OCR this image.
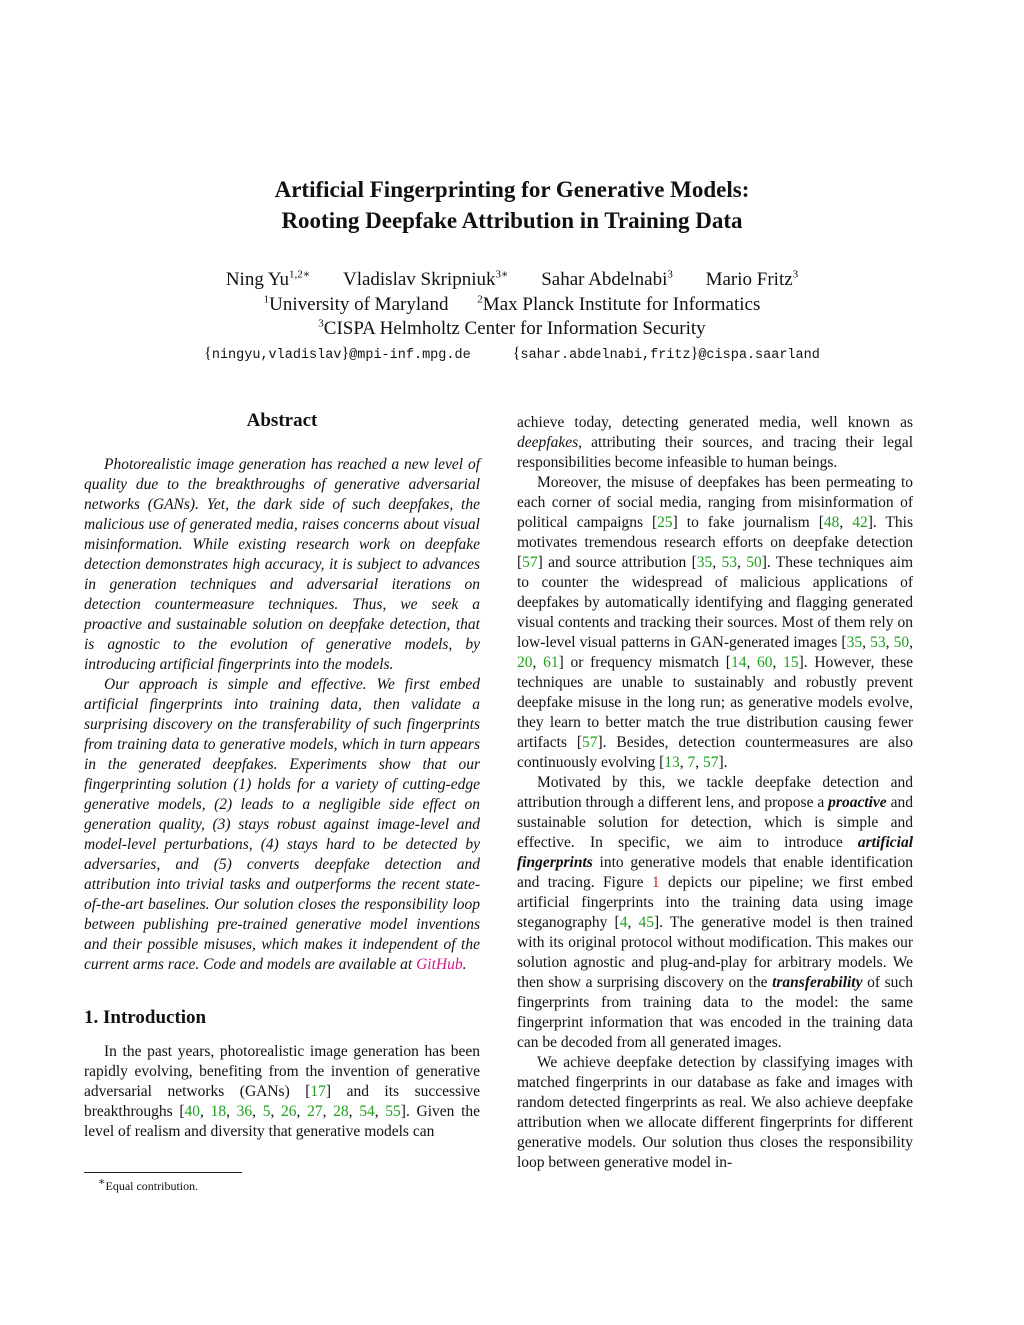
Artificial Fingerprinting for Generative Models:
Rooting Deepfake Attribution in Training Data
Ning $Yu^{1,2∗}$ Vladislav Skripniuk$^{3∗}$ Sahar Abdelnabi$^3$ Mario Fritz$^3$
$^1$University of Maryland	$^2$Max Planck Institute for Informatics
$^3$CISPA Helmholtz Center for Information Security
{ningyu,vladislav}@mpi-inf.mpg.de	{sahar.abdelnabi,fritz}@cispa.saarland
Abstract

Photorealistic image generation has reached a new level of quality due to the breakthroughs of generative adversarial networks (GANs). Yet, the dark side of such deepfakes, the malicious use of generated media, raises concerns about visual misinformation. While existing research work on deepfake detection demonstrates high accuracy, it is subject to advances in generation techniques and adversarial iterations on detection countermeasure techniques. Thus, we seek a proactive and sustainable solution on deepfake detection, that is agnostic to the evolution of generative models, by introducing artificial fingerprints into the models.

Our approach is simple and effective. We first embed artificial fingerprints into training data, then validate a surprising discovery on the transferability of such fingerprints from training data to generative models, which in turn appears in the generated deepfakes. Experiments show that our fingerprinting solution (1) holds for a variety of cutting-edge generative models, (2) leads to a negligible side effect on generation quality, (3) stays robust against image-level and model-level perturbations, (4) stays hard to be detected by adversaries, and (5) converts deepfake detection and attribution into trivial tasks and outperforms the recent state-of-the-art baselines. Our solution closes the responsibility loop between publishing pre-trained generative model inventions and their possible misuses, which makes it independent of the current arms race. Code and models are available at GitHub.

1. Introduction

In the past years, photorealistic image generation has been rapidly evolving, benefiting from the invention of generative adversarial networks (GANs) [17] and its successive breakthroughs [40, 18, 36, 5, 26, 27, 28, 54, 55]. Given the level of realism and diversity that generative models can

∗Equal contribution.

achieve today, detecting generated media, well known as deepfakes, attributing their sources, and tracing their legal responsibilities become infeasible to human beings.

Moreover, the misuse of deepfakes has been permeating to each corner of social media, ranging from misinformation of political campaigns [25] to fake journalism [48, 42]. This motivates tremendous research efforts on deepfake detection [57] and source attribution [35, 53, 50]. These techniques aim to counter the widespread of malicious applications of deepfakes by automatically identifying and flagging generated visual contents and tracking their sources. Most of them rely on low-level visual patterns in GAN-generated images [35, 53, 50, 20, 61] or frequency mismatch [14, 60, 15]. However, these techniques are unable to sustainably and robustly prevent deepfake misuse in the long run; as generative models evolve, they learn to better match the true distribution causing fewer artifacts [57]. Besides, detection countermeasures are also continuously evolving [13, 7, 57].

Motivated by this, we tackle deepfake detection and attribution through a different lens, and propose a proactive and sustainable solution for detection, which is simple and effective. In specific, we aim to introduce artificial fingerprints into generative models that enable identification and tracing. Figure 1 depicts our pipeline; we first embed artificial fingerprints into the training data using image steganography [4, 45]. The generative model is then trained with its original protocol without modification. This makes our solution agnostic and plug-and-play for arbitrary models. We then show a surprising discovery on the transferability of such fingerprints from training data to the model: the same fingerprint information that was encoded in the training data can be decoded from all generated images.

We achieve deepfake detection by classifying images with matched fingerprints in our database as fake and images with random detected fingerprints as real. We also achieve deepfake attribution when we allocate different fingerprints for different generative models. Our solution thus closes the responsibility loop between generative model in-
